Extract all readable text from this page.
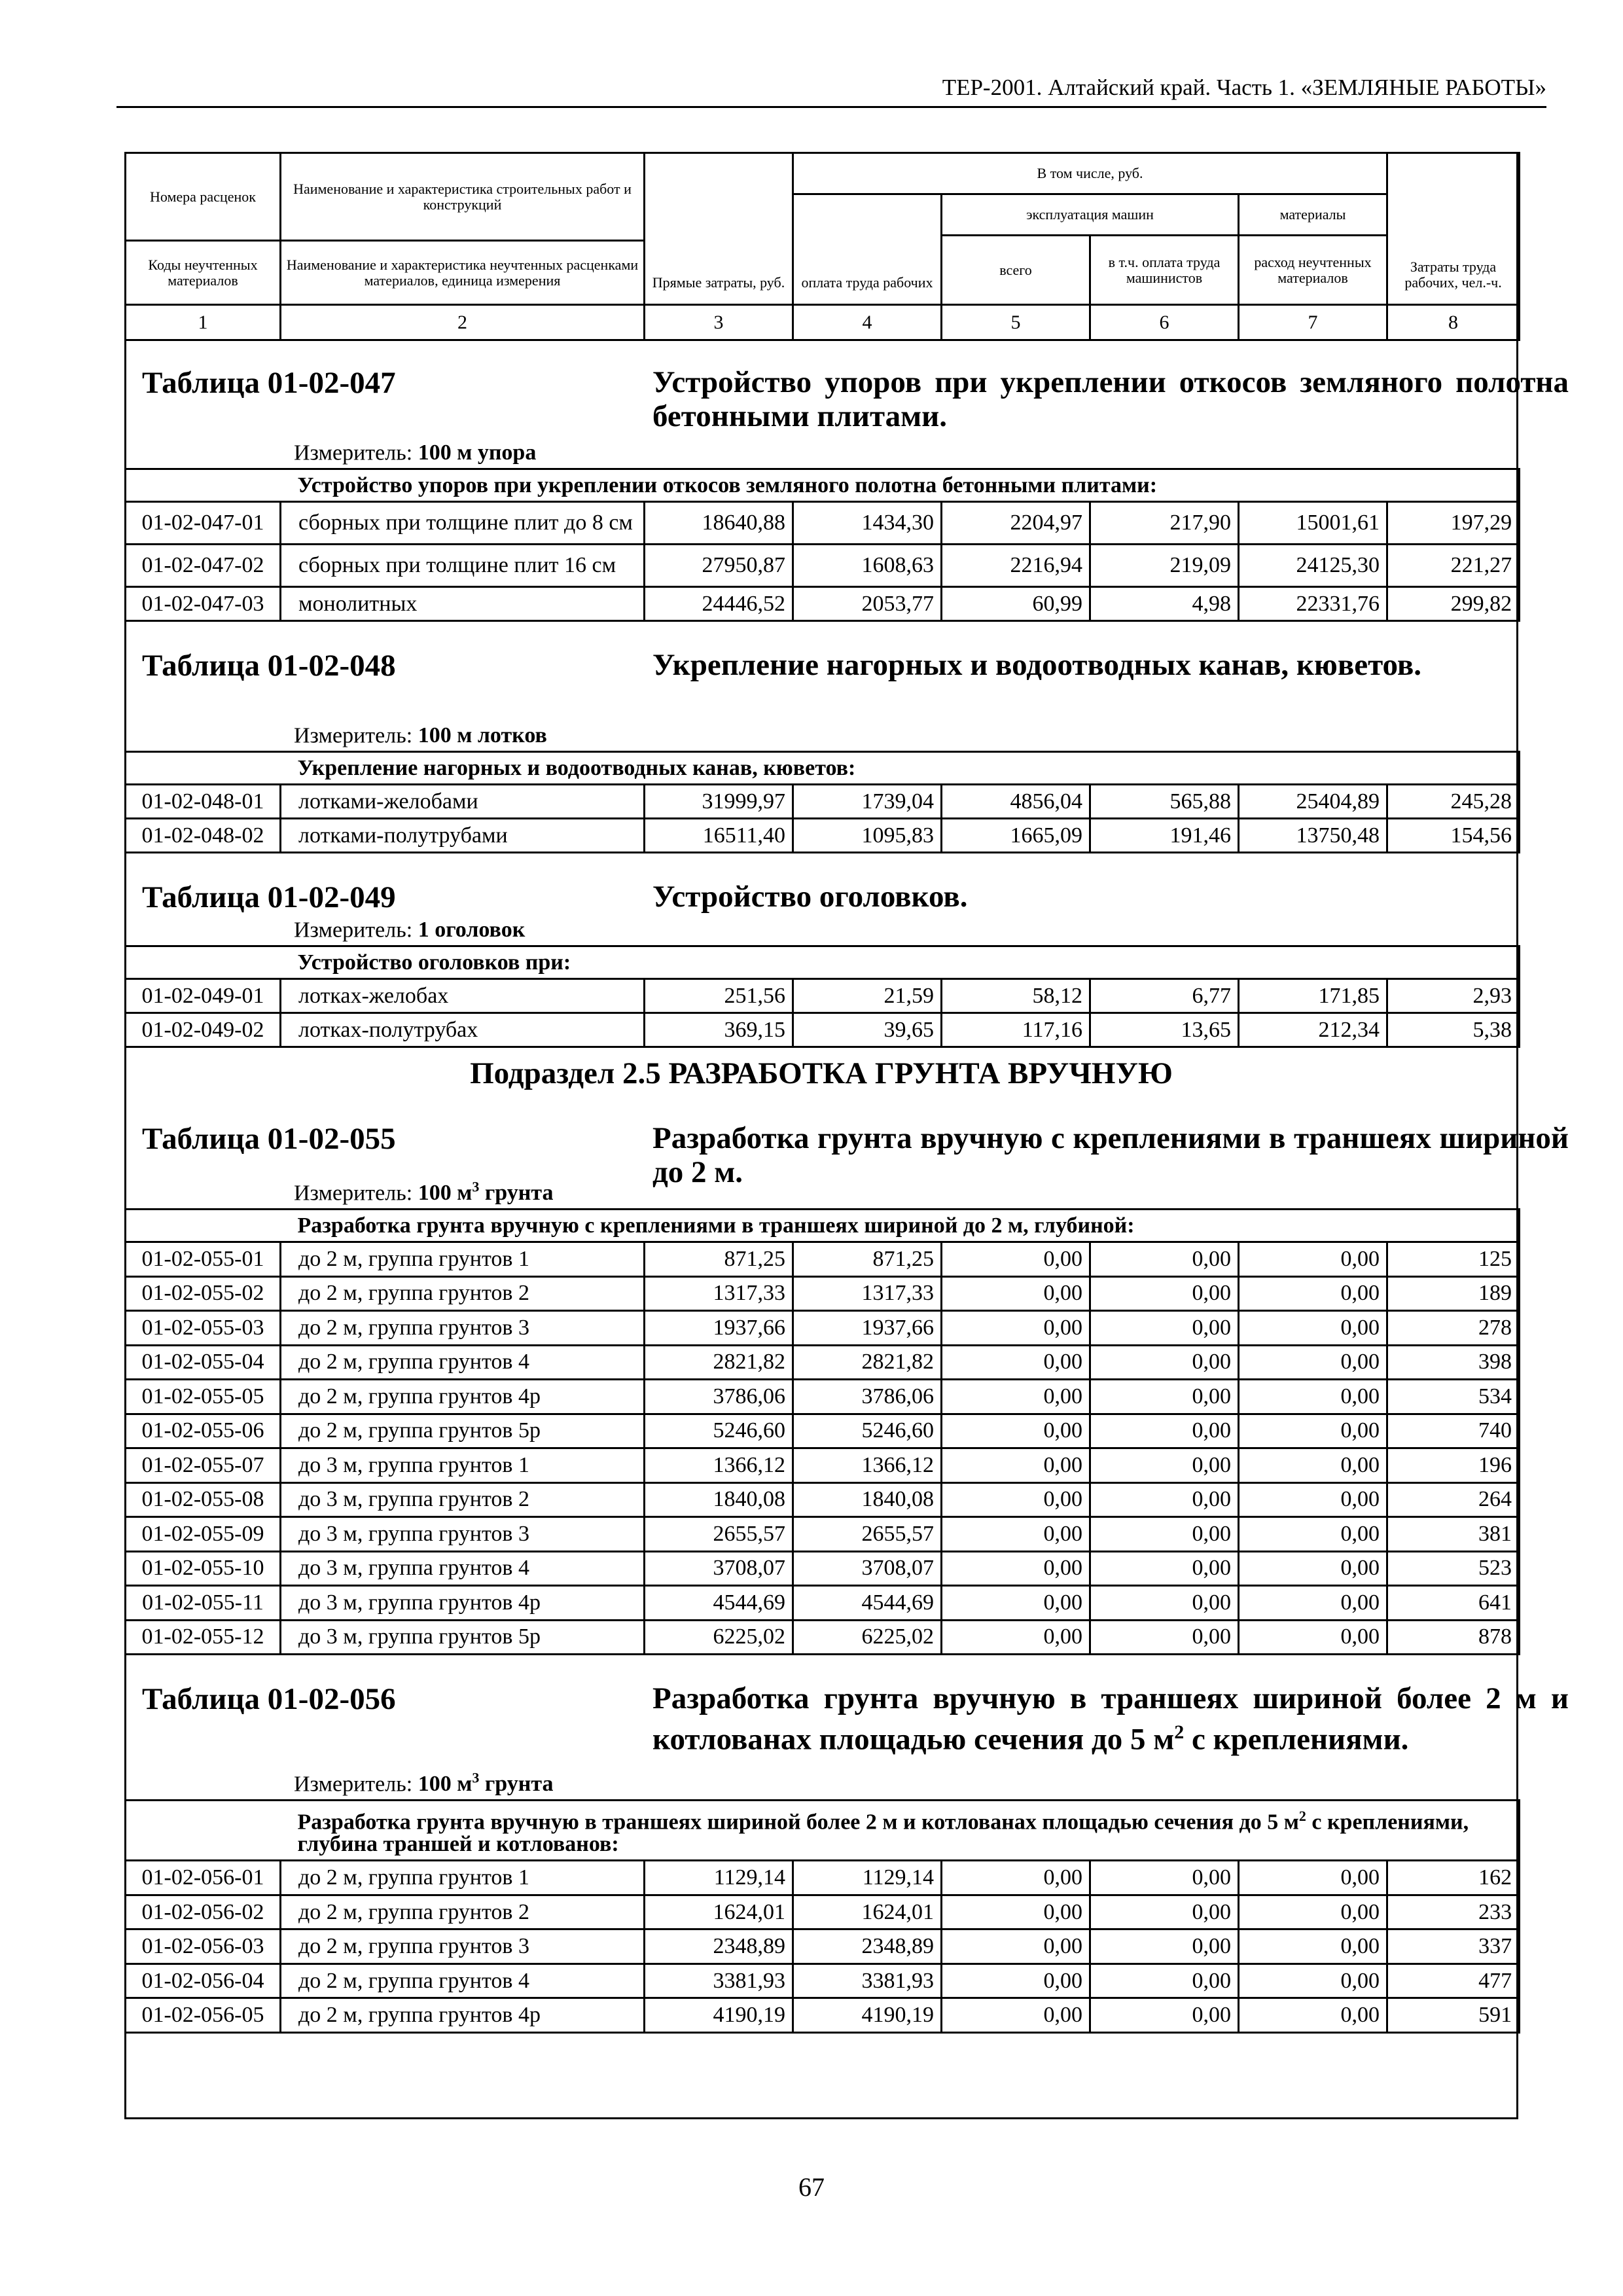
ТЕР-2001. Алтайский край. Часть 1. «ЗЕМЛЯНЫЕ РАБОТЫ»
Номера расценок	Наименование и характеристика строительных работ и конструкций	Прямые затраты, руб.	В том числе, руб.				Затраты труда рабочих, чел.-ч.
			оплата труда рабочих	эксплуатация машин		материалы	
				всего	в т.ч. оплата труда машинистов	расход неучтенных материалов	
Коды неучтенных материалов	Наименование и характеристика неучтенных расценками материалов, единица измерения						

1	2	3	4	5	6	7	8
Таблица 01-02-047	Устройство упоров при укреплении откосов земляного полотна бетонными плитами.
Измеритель: 100 м упора
	Устройство упоров при укреплении откосов земляного полотна бетонными плитами:						
01-02-047-01	сборных при толщине плит до 8 см	18640,88	1434,30	2204,97	217,90	15001,61	197,29
01-02-047-02	сборных при толщине плит 16 см	27950,87	1608,63	2216,94	219,09	24125,30	221,27
01-02-047-03	монолитных	24446,52	2053,77	60,99	4,98	22331,76	299,82
Таблица 01-02-048	Укрепление нагорных и водоотводных канав, кюветов.
Измеритель: 100 м лотков
	Укрепление нагорных и водоотводных канав, кюветов:						
01-02-048-01	лотками-желобами	31999,97	1739,04	4856,04	565,88	25404,89	245,28
01-02-048-02	лотками-полутрубами	16511,40	1095,83	1665,09	191,46	13750,48	154,56
Таблица 01-02-049	Устройство оголовков.
Измеритель: 1 оголовок
	Устройство оголовков при:						
01-02-049-01	лотках-желобах	251,56	21,59	58,12	6,77	171,85	2,93
01-02-049-02	лотках-полутрубах	369,15	39,65	117,16	13,65	212,34	5,38
Подраздел 2.5 РАЗРАБОТКА ГРУНТА ВРУЧНУЮ
Таблица 01-02-055	Разработка грунта вручную с креплениями в траншеях шириной до 2 м.
Измеритель: 100 $м^3$ грунта
	Разработка грунта вручную с креплениями в траншеях шириной до 2 м, глубиной:						
01-02-055-01	до 2 м, группа грунтов 1	871,25	871,25	0,00	0,00	0,00	125
01-02-055-02	до 2 м, группа грунтов 2	1317,33	1317,33	0,00	0,00	0,00	189
01-02-055-03	до 2 м, группа грунтов 3	1937,66	1937,66	0,00	0,00	0,00	278
01-02-055-04	до 2 м, группа грунтов 4	2821,82	2821,82	0,00	0,00	0,00	398
01-02-055-05	до 2 м, группа грунтов 4р	3786,06	3786,06	0,00	0,00	0,00	534
01-02-055-06	до 2 м, группа грунтов 5р	5246,60	5246,60	0,00	0,00	0,00	740
01-02-055-07	до 3 м, группа грунтов 1	1366,12	1366,12	0,00	0,00	0,00	196
01-02-055-08	до 3 м, группа грунтов 2	1840,08	1840,08	0,00	0,00	0,00	264
01-02-055-09	до 3 м, группа грунтов 3	2655,57	2655,57	0,00	0,00	0,00	381
01-02-055-10	до 3 м, группа грунтов 4	3708,07	3708,07	0,00	0,00	0,00	523
01-02-055-11	до 3 м, группа грунтов 4р	4544,69	4544,69	0,00	0,00	0,00	641
01-02-055-12	до 3 м, группа грунтов 5р	6225,02	6225,02	0,00	0,00	0,00	878
Таблица 01-02-056	Разработка грунта вручную в траншеях шириной более 2 м и котлованах площадью сечения до 5 $м^2$ с креплениями.
Измеритель: 100 $м^3$ грунта
	Разработка грунта вручную в траншеях шириной более 2 м и котлованах площадью сечения до 5 $м^2$ с креплениями, глубина траншей и котлованов:						
01-02-056-01	до 2 м, группа грунтов 1	1129,14	1129,14	0,00	0,00	0,00	162
01-02-056-02	до 2 м, группа грунтов 2	1624,01	1624,01	0,00	0,00	0,00	233
01-02-056-03	до 2 м, группа грунтов 3	2348,89	2348,89	0,00	0,00	0,00	337
01-02-056-04	до 2 м, группа грунтов 4	3381,93	3381,93	0,00	0,00	0,00	477
01-02-056-05	до 2 м, группа грунтов 4р	4190,19	4190,19	0,00	0,00	0,00	591
67
